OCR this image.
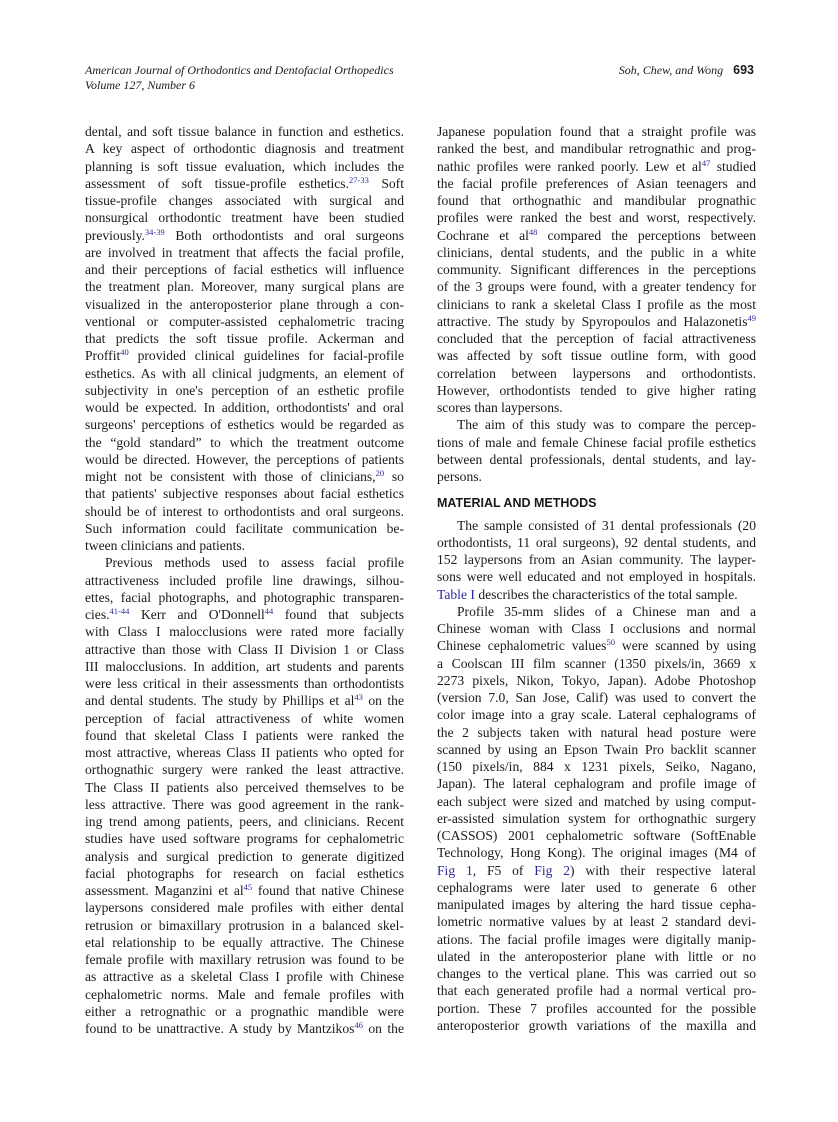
American Journal of Orthodontics and Dentofacial Orthopedics
Volume 127, Number 6
Soh, Chew, and Wong 693
dental, and soft tissue balance in function and esthetics.
A key aspect of orthodontic diagnosis and treatment
planning is soft tissue evaluation, which includes the
assessment of soft tissue-profile esthetics.$^{27-33}$ Soft
tissue-profile changes associated with surgical and
nonsurgical orthodontic treatment have been studied
previously.$^{34-39}$ Both orthodontists and oral surgeons
are involved in treatment that affects the facial profile,
and their perceptions of facial esthetics will influence
the treatment plan. Moreover, many surgical plans are
visualized in the anteroposterior plane through a con-
ventional or computer-assisted cephalometric tracing
that predicts the soft tissue profile. Ackerman and
Proffit$^{40}$ provided clinical guidelines for facial-profile
esthetics. As with all clinical judgments, an element of
subjectivity in one's perception of an esthetic profile
would be expected. In addition, orthodontists' and oral
surgeons' perceptions of esthetics would be regarded as
the “gold standard” to which the treatment outcome
would be directed. However, the perceptions of patients
might not be consistent with those of clinicians,$^{20}$ so
that patients' subjective responses about facial esthetics
should be of interest to orthodontists and oral surgeons.
Such information could facilitate communication be-
tween clinicians and patients.
Previous methods used to assess facial profile
attractiveness included profile line drawings, silhou-
ettes, facial photographs, and photographic transparen-
cies.$^{41-44}$ Kerr and O'Donnell$^{44}$ found that subjects
with Class I malocclusions were rated more facially
attractive than those with Class II Division 1 or Class
III malocclusions. In addition, art students and parents
were less critical in their assessments than orthodontists
and dental students. The study by Phillips et $al^{43}$ on the
perception of facial attractiveness of white women
found that skeletal Class I patients were ranked the
most attractive, whereas Class II patients who opted for
orthognathic surgery were ranked the least attractive.
The Class II patients also perceived themselves to be
less attractive. There was good agreement in the rank-
ing trend among patients, peers, and clinicians. Recent
studies have used software programs for cephalometric
analysis and surgical prediction to generate digitized
facial photographs for research on facial esthetics
assessment. Maganzini et $al^{45}$ found that native Chinese
laypersons considered male profiles with either dental
retrusion or bimaxillary protrusion in a balanced skel-
etal relationship to be equally attractive. The Chinese
female profile with maxillary retrusion was found to be
as attractive as a skeletal Class I profile with Chinese
cephalometric norms. Male and female profiles with
either a retrognathic or a prognathic mandible were
found to be unattractive. A study by Mantzikos$^{46}$ on the
Japanese population found that a straight profile was
ranked the best, and mandibular retrognathic and prog-
nathic profiles were ranked poorly. Lew et $al^{47}$ studied
the facial profile preferences of Asian teenagers and
found that orthognathic and mandibular prognathic
profiles were ranked the best and worst, respectively.
Cochrane et $al^{48}$ compared the perceptions between
clinicians, dental students, and the public in a white
community. Significant differences in the perceptions
of the 3 groups were found, with a greater tendency for
clinicians to rank a skeletal Class I profile as the most
attractive. The study by Spyropoulos and Halazonetis$^{49}$
concluded that the perception of facial attractiveness
was affected by soft tissue outline form, with good
correlation between laypersons and orthodontists.
However, orthodontists tended to give higher rating
scores than laypersons.
The aim of this study was to compare the percep-
tions of male and female Chinese facial profile esthetics
between dental professionals, dental students, and lay-
persons.
MATERIAL AND METHODS
The sample consisted of 31 dental professionals (20
orthodontists, 11 oral surgeons), 92 dental students, and
152 laypersons from an Asian community. The layper-
sons were well educated and not employed in hospitals.
Table I describes the characteristics of the total sample.
Profile 35-mm slides of a Chinese man and a
Chinese woman with Class I occlusions and normal
Chinese cephalometric values$^{50}$ were scanned by using
a Coolscan III film scanner (1350 pixels/in, 3669 x
2273 pixels, Nikon, Tokyo, Japan). Adobe Photoshop
(version 7.0, San Jose, Calif) was used to convert the
color image into a gray scale. Lateral cephalograms of
the 2 subjects taken with natural head posture were
scanned by using an Epson Twain Pro backlit scanner
(150 pixels/in, 884 x 1231 pixels, Seiko, Nagano,
Japan). The lateral cephalogram and profile image of
each subject were sized and matched by using comput-
er-assisted simulation system for orthognathic surgery
(CASSOS) 2001 cephalometric software (SoftEnable
Technology, Hong Kong). The original images (M4 of
Fig 1, F5 of Fig 2) with their respective lateral
cephalograms were later used to generate 6 other
manipulated images by altering the hard tissue cepha-
lometric normative values by at least 2 standard devi-
ations. The facial profile images were digitally manip-
ulated in the anteroposterior plane with little or no
changes to the vertical plane. This was carried out so
that each generated profile had a normal vertical pro-
portion. These 7 profiles accounted for the possible
anteroposterior growth variations of the maxilla and
